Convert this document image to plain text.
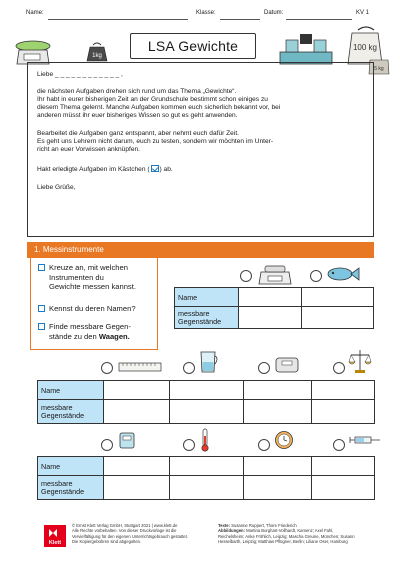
Name:	Klasse:	Datum:	KV 1
1kg
LSA Gewichte	100 kg
5 kg

Liebe _ _ _ _ _ _ _ _ _ _ _ _ ,

die nächsten Aufgaben drehen sich rund um das Thema „Gewichte“.

Ihr habt in eurer bisherigen Zeit an der Grundschule bestimmt schon einiges zu

diesem Thema gelernt. Manche Aufgaben kommen euch sicherlich bekannt vor, bei

anderen müsst ihr euer bisheriges Wissen so gut es geht anwenden.

Bearbeitet die Aufgaben ganz entspannt, aber nehmt euch dafür Zeit.

Es geht uns Lehrern nicht darum, euch zu testen, sondern wir möchten im Unter-

richt an euer Vorwissen anknüpfen.

Hakt erledigte Aufgaben im Kästchen ( ) ab.

Liebe Grüße,

1. Messinstrumente
Kreuze an, mit welchen
Instrumenten du
Gewichte messen kannst.
Kennst du deren Namen?
Finde messbare Gegen-
stände zu den Waagen.
Name		
messbare
Gegenstände		
Name				
messbare
Gegenstände				
Name				
messbare
Gegenstände				
Klett
© Ernst Klett Verlag GmbH, Stuttgart 2021 | www.klett.de
Alle Rechte vorbehalten. Von dieser Druckvorlage ist die
Vervielfältigung für den eigenen Unterrichtsgebrauch gestattet.
Die Kopiergebühren sind abgegolten.
Texte: Susanne Ruppert, Thore Friederich
Abbildungen: Martina Burghart-Vollhardt, Kamenz; Axel Fahl,
Reichelsheim; Anke Fröhlich, Leipzig; Mascha Greune, München; Susann
Hesselbarth, Leipzig; Matthias Pflügner, Berlin; Liliane Oser, Hamburg
